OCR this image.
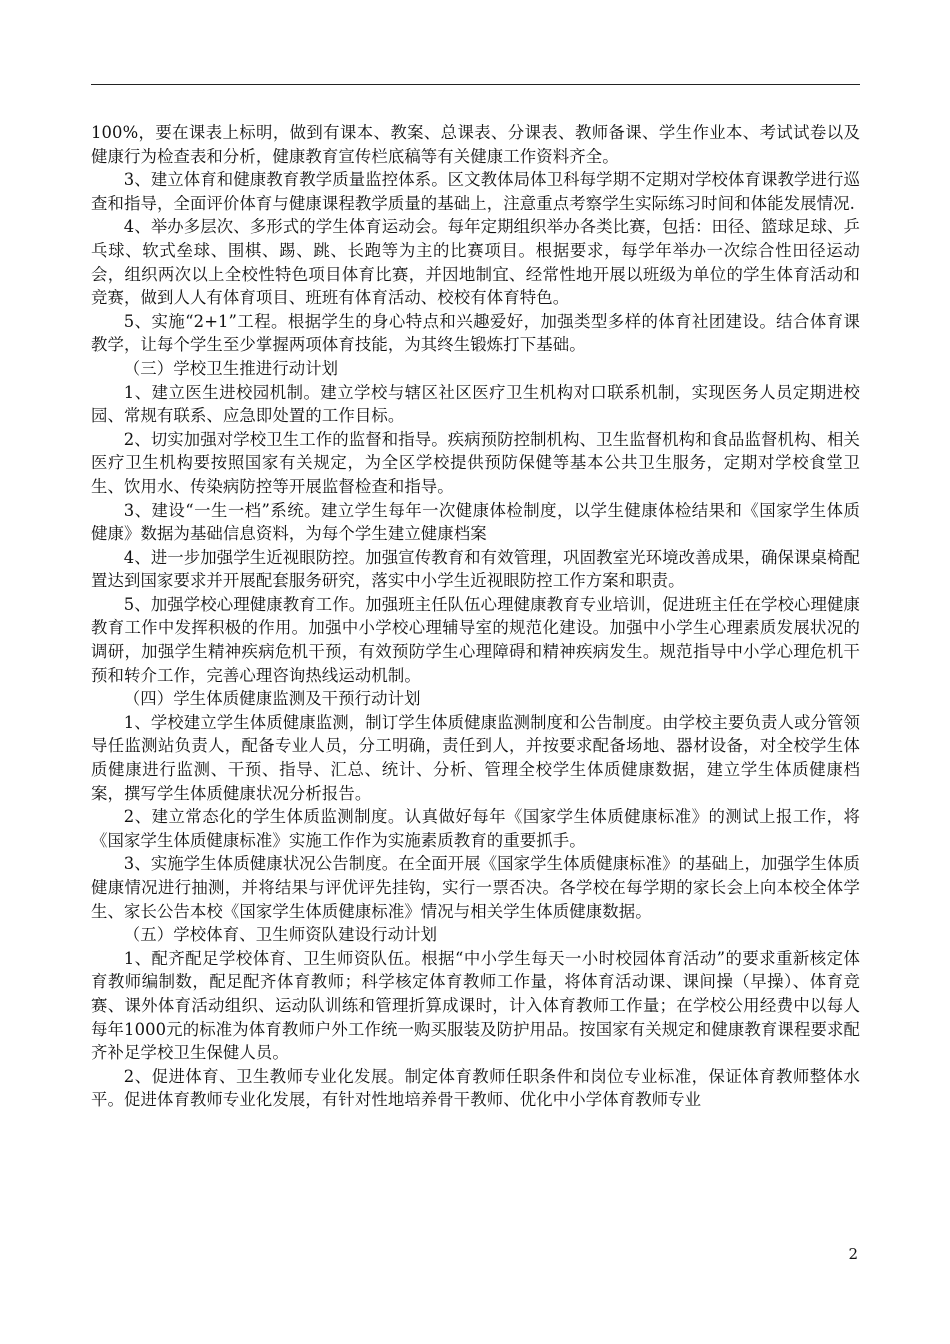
100%，要在课表上标明，做到有课本、教案、总课表、分课表、教师备课、学生作业本、考试试卷以及健康行为检查表和分析，健康教育宣传栏底稿等有关健康工作资料齐全。

3、建立体育和健康教育教学质量监控体系。区文教体局体卫科每学期不定期对学校体育课教学进行巡查和指导，全面评价体育与健康课程教学质量的基础上，注意重点考察学生实际练习时间和体能发展情况.

4、举办多层次、多形式的学生体育运动会。每年定期组织举办各类比赛，包括：田径、篮球足球、乒乓球、软式垒球、围棋、踢、跳、长跑等为主的比赛项目。根据要求，每学年举办一次综合性田径运动会，组织两次以上全校性特色项目体育比赛，并因地制宜、经常性地开展以班级为单位的学生体育活动和竞赛，做到人人有体育项目、班班有体育活动、校校有体育特色。

5、实施“2+1”工程。根据学生的身心特点和兴趣爱好，加强类型多样的体育社团建设。结合体育课教学，让每个学生至少掌握两项体育技能，为其终生锻炼打下基础。

（三）学校卫生推进行动计划

1、建立医生进校园机制。建立学校与辖区社区医疗卫生机构对口联系机制，实现医务人员定期进校园、常规有联系、应急即处置的工作目标。

2、切实加强对学校卫生工作的监督和指导。疾病预防控制机构、卫生监督机构和食品监督机构、相关医疗卫生机构要按照国家有关规定，为全区学校提供预防保健等基本公共卫生服务，定期对学校食堂卫生、饮用水、传染病防控等开展监督检查和指导。

3、建设“一生一档”系统。建立学生每年一次健康体检制度，以学生健康体检结果和《国家学生体质健康》数据为基础信息资料，为每个学生建立健康档案

4、进一步加强学生近视眼防控。加强宣传教育和有效管理，巩固教室光环境改善成果，确保课桌椅配置达到国家要求并开展配套服务研究，落实中小学生近视眼防控工作方案和职责。

5、加强学校心理健康教育工作。加强班主任队伍心理健康教育专业培训，促进班主任在学校心理健康教育工作中发挥积极的作用。加强中小学校心理辅导室的规范化建设。加强中小学生心理素质发展状况的调研，加强学生精神疾病危机干预，有效预防学生心理障碍和精神疾病发生。规范指导中小学心理危机干预和转介工作，完善心理咨询热线运动机制。

（四）学生体质健康监测及干预行动计划

1、学校建立学生体质健康监测，制订学生体质健康监测制度和公告制度。由学校主要负责人或分管领导任监测站负责人，配备专业人员，分工明确，责任到人，并按要求配备场地、器材设备，对全校学生体质健康进行监测、干预、指导、汇总、统计、分析、管理全校学生体质健康数据，建立学生体质健康档案，撰写学生体质健康状况分析报告。

2、建立常态化的学生体质监测制度。认真做好每年《国家学生体质健康标准》的测试上报工作，将《国家学生体质健康标准》实施工作作为实施素质教育的重要抓手。

3、实施学生体质健康状况公告制度。在全面开展《国家学生体质健康标准》的基础上，加强学生体质健康情况进行抽测，并将结果与评优评先挂钩，实行一票否决。各学校在每学期的家长会上向本校全体学生、家长公告本校《国家学生体质健康标准》情况与相关学生体质健康数据。

（五）学校体育、卫生师资队建设行动计划

1、配齐配足学校体育、卫生师资队伍。根据“中小学生每天一小时校园体育活动”的要求重新核定体育教师编制数，配足配齐体育教师；科学核定体育教师工作量，将体育活动课、课间操（早操）、体育竞赛、课外体育活动组织、运动队训练和管理折算成课时，计入体育教师工作量；在学校公用经费中以每人每年1000元的标准为体育教师户外工作统一购买服装及防护用品。按国家有关规定和健康教育课程要求配齐补足学校卫生保健人员。

2、促进体育、卫生教师专业化发展。制定体育教师任职条件和岗位专业标准，保证体育教师整体水平。促进体育教师专业化发展，有针对性地培养骨干教师、优化中小学体育教师专业

2
